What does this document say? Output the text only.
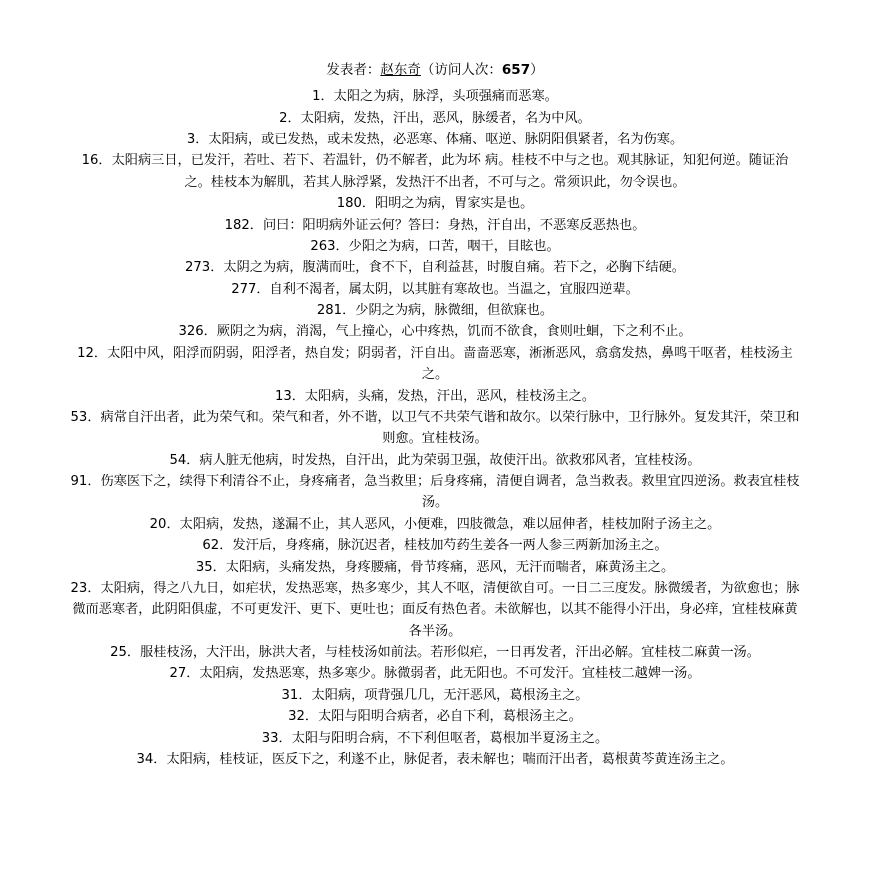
发表者：赵东奇（访问人次：657）

1．太阳之为病，脉浮，头项强痛而恶寒。

2．太阳病，发热，汗出，恶风，脉缓者，名为中风。

3．太阳病，或已发热，或未发热，必恶寒、体痛、呕逆、脉阴阳俱紧者，名为伤寒。

16．太阳病三日，已发汗，若吐、若下、若温针，仍不解者，此为坏 病。桂枝不中与之也。观其脉证，知犯何逆。随证治之。桂枝本为解肌，若其人脉浮紧，发热汗不出者，不可与之。常须识此，勿令误也。

180．阳明之为病，胃家实是也。

182．问曰：阳明病外证云何？答曰：身热，汗自出，不恶寒反恶热也。

263．少阳之为病，口苦，咽干，目眩也。

273．太阴之为病，腹满而吐，食不下，自利益甚，时腹自痛。若下之，必胸下结硬。

277．自利不渴者，属太阴，以其脏有寒故也。当温之，宜服四逆辈。

281．少阴之为病，脉微细，但欲寐也。

326．厥阴之为病，消渴，气上撞心，心中疼热，饥而不欲食，食则吐蛔，下之利不止。

12．太阳中风，阳浮而阴弱，阳浮者，热自发；阴弱者，汗自出。啬啬恶寒，淅淅恶风，翕翕发热，鼻鸣干呕者，桂枝汤主之。

13．太阳病，头痛，发热，汗出，恶风，桂枝汤主之。

53．病常自汗出者，此为荣气和。荣气和者，外不谐，以卫气不共荣气谐和故尔。以荣行脉中，卫行脉外。复发其汗，荣卫和则愈。宜桂枝汤。

54．病人脏无他病，时发热，自汗出，此为荣弱卫强，故使汗出。欲救邪风者，宜桂枝汤。

91．伤寒医下之，续得下利清谷不止，身疼痛者，急当救里；后身疼痛，清便自调者，急当救表。救里宜四逆汤。救表宜桂枝汤。

20．太阳病，发热，遂漏不止，其人恶风，小便难，四肢微急，难以屈伸者，桂枝加附子汤主之。

62．发汗后，身疼痛，脉沉迟者，桂枝加芍药生姜各一两人参三两新加汤主之。

35．太阳病，头痛发热，身疼腰痛，骨节疼痛，恶风，无汗而喘者，麻黄汤主之。

23．太阳病，得之八九日，如疟状，发热恶寒，热多寒少，其人不呕，清便欲自可。一日二三度发。脉微缓者，为欲愈也；脉微而恶寒者，此阴阳俱虚，不可更发汗、更下、更吐也；面反有热色者。未欲解也，以其不能得小汗出，身必痒，宜桂枝麻黄各半汤。

25．服桂枝汤，大汗出，脉洪大者，与桂枝汤如前法。若形似疟，一日再发者，汗出必解。宜桂枝二麻黄一汤。

27．太阳病，发热恶寒，热多寒少。脉微弱者，此无阳也。不可发汗。宜桂枝二越婢一汤。

31．太阳病，项背强几几，无汗恶风，葛根汤主之。

32．太阳与阳明合病者，必自下利，葛根汤主之。

33．太阳与阳明合病，不下利但呕者，葛根加半夏汤主之。

34．太阳病，桂枝证，医反下之，利遂不止，脉促者，表未解也；喘而汗出者，葛根黄芩黄连汤主之。
